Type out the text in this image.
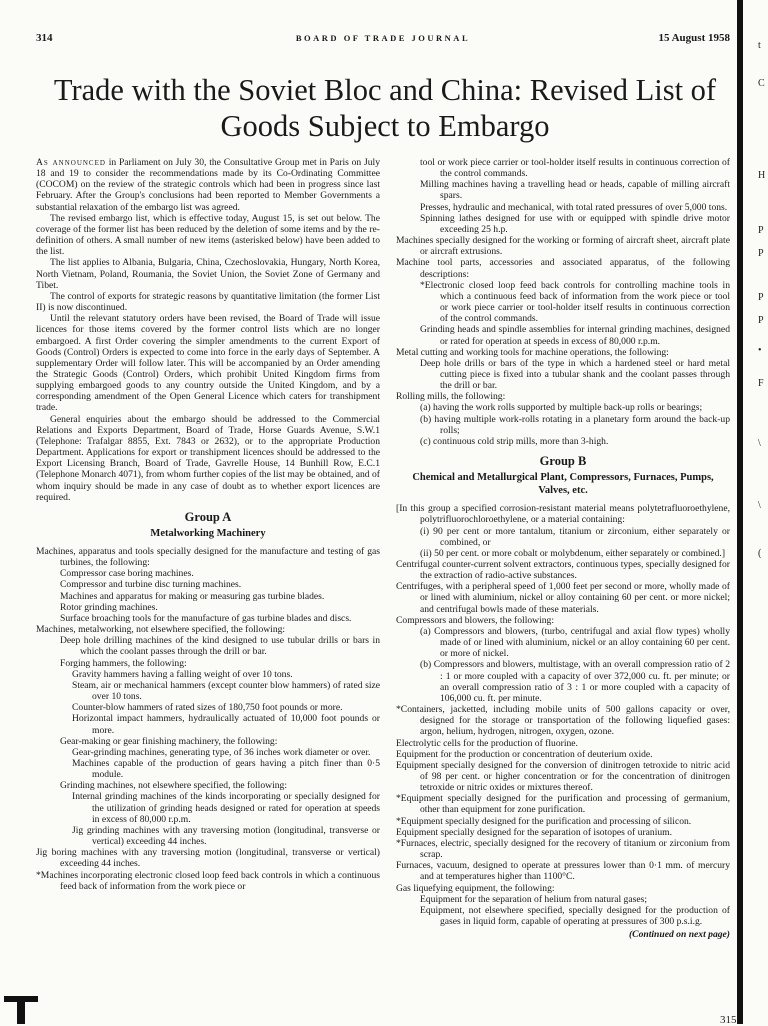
314	BOARD OF TRADE JOURNAL	15 August 1958
Trade with the Soviet Bloc and China: Revised List of Goods Subject to Embargo

As announced in Parliament on July 30, the Consultative Group met in Paris on July 18 and 19 to consider the recommendations made by its Co-Ordinating Committee (COCOM) on the review of the strategic controls which had been in progress since last February. After the Group's conclusions had been reported to Member Governments a substantial relaxation of the embargo list was agreed.

The revised embargo list, which is effective today, August 15, is set out below. The coverage of the former list has been reduced by the deletion of some items and by the re-definition of others. A small number of new items (asterisked below) have been added to the list.

The list applies to Albania, Bulgaria, China, Czechoslovakia, Hungary, North Korea, North Vietnam, Poland, Roumania, the Soviet Union, the Soviet Zone of Germany and Tibet.

The control of exports for strategic reasons by quantitative limitation (the former List II) is now discontinued.

Until the relevant statutory orders have been revised, the Board of Trade will issue licences for those items covered by the former control lists which are no longer embargoed. A first Order covering the simpler amendments to the current Export of Goods (Control) Orders is expected to come into force in the early days of September. A supplementary Order will follow later. This will be accompanied by an Order amending the Strategic Goods (Control) Orders, which prohibit United Kingdom firms from supplying embargoed goods to any country outside the United Kingdom, and by a corresponding amendment of the Open General Licence which caters for transhipment trade.

General enquiries about the embargo should be addressed to the Commercial Relations and Exports Department, Board of Trade, Horse Guards Avenue, S.W.1 (Telephone: Trafalgar 8855, Ext. 7843 or 2632), or to the appropriate Production Department. Applications for export or transhipment licences should be addressed to the Export Licensing Branch, Board of Trade, Gavrelle House, 14 Bunhill Row, E.C.1 (Telephone Monarch 4071), from whom further copies of the list may be obtained, and of whom inquiry should be made in any case of doubt as to whether export licences are required.

Group A
Metalworking Machinery

Machines, apparatus and tools specially designed for the manufacture and testing of gas turbines, the following:

Compressor case boring machines.

Compressor and turbine disc turning machines.

Machines and apparatus for making or measuring gas turbine blades.

Rotor grinding machines.

Surface broaching tools for the manufacture of gas turbine blades and discs.

Machines, metalworking, not elsewhere specified, the following:

Deep hole drilling machines of the kind designed to use tubular drills or bars in which the coolant passes through the drill or bar.

Forging hammers, the following:

Gravity hammers having a falling weight of over 10 tons.

Steam, air or mechanical hammers (except counter blow hammers) of rated size over 10 tons.

Counter-blow hammers of rated sizes of 180,750 foot pounds or more.

Horizontal impact hammers, hydraulically actuated of 10,000 foot pounds or more.

Gear-making or gear finishing machinery, the following:

Gear-grinding machines, generating type, of 36 inches work diameter or over.

Machines capable of the production of gears having a pitch finer than 0·5 module.

Grinding machines, not elsewhere specified, the following:

Internal grinding machines of the kinds incorporating or specially designed for the utilization of grinding heads designed or rated for operation at speeds in excess of 80,000 r.p.m.

Jig grinding machines with any traversing motion (longitudinal, transverse or vertical) exceeding 44 inches.

Jig boring machines with any traversing motion (longitudinal, transverse or vertical) exceeding 44 inches.

*Machines incorporating electronic closed loop feed back controls in which a continuous feed back of information from the work piece or

tool or work piece carrier or tool-holder itself results in continuous correction of the control commands.

Milling machines having a travelling head or heads, capable of milling aircraft spars.

Presses, hydraulic and mechanical, with total rated pressures of over 5,000 tons.

Spinning lathes designed for use with or equipped with spindle drive motor exceeding 25 h.p.

Machines specially designed for the working or forming of aircraft sheet, aircraft plate or aircraft extrusions.

Machine tool parts, accessories and associated apparatus, of the following descriptions:

*Electronic closed loop feed back controls for controlling machine tools in which a continuous feed back of information from the work piece or tool or work piece carrier or tool-holder itself results in continuous correction of the control commands.

Grinding heads and spindle assemblies for internal grinding machines, designed or rated for operation at speeds in excess of 80,000 r.p.m.

Metal cutting and working tools for machine operations, the following:

Deep hole drills or bars of the type in which a hardened steel or hard metal cutting piece is fixed into a tubular shank and the coolant passes through the drill or bar.

Rolling mills, the following:

(a) having the work rolls supported by multiple back-up rolls or bearings;

(b) having multiple work-rolls rotating in a planetary form around the back-up rolls;

(c) continuous cold strip mills, more than 3-high.

Group B
Chemical and Metallurgical Plant, Compressors, Furnaces, Pumps, Valves, etc.

[In this group a specified corrosion-resistant material means polytetrafluoroethylene, polytrifluorochloroethylene, or a material containing:

(i) 90 per cent or more tantalum, titanium or zirconium, either separately or combined, or

(ii) 50 per cent. or more cobalt or molybdenum, either separately or combined.]

Centrifugal counter-current solvent extractors, continuous types, specially designed for the extraction of radio-active substances.

Centrifuges, with a peripheral speed of 1,000 feet per second or more, wholly made of or lined with aluminium, nickel or alloy containing 60 per cent. or more nickel; and centrifugal bowls made of these materials.

Compressors and blowers, the following:

(a) Compressors and blowers, (turbo, centrifugal and axial flow types) wholly made of or lined with aluminium, nickel or an alloy containing 60 per cent. or more of nickel.

(b) Compressors and blowers, multistage, with an overall compression ratio of 2 : 1 or more coupled with a capacity of over 372,000 cu. ft. per minute; or an overall compression ratio of 3 : 1 or more coupled with a capacity of 106,000 cu. ft. per minute.

*Containers, jacketted, including mobile units of 500 gallons capacity or over, designed for the storage or transportation of the following liquefied gases: argon, helium, hydrogen, nitrogen, oxygen, ozone.

Electrolytic cells for the production of fluorine.

Equipment for the production or concentration of deuterium oxide.

Equipment specially designed for the conversion of dinitrogen tetroxide to nitric acid of 98 per cent. or higher concentration or for the concentration of dinitrogen tetroxide or nitric oxides or mixtures thereof.

*Equipment specially designed for the purification and processing of germanium, other than equipment for zone purification.

*Equipment specially designed for the purification and processing of silicon.

Equipment specially designed for the separation of isotopes of uranium.

*Furnaces, electric, specially designed for the recovery of titanium or zirconium from scrap.

Furnaces, vacuum, designed to operate at pressures lower than 0·1 mm. of mercury and at temperatures higher than 1100°C.

Gas liquefying equipment, the following:

Equipment for the separation of helium from natural gases;

Equipment, not elsewhere specified, specially designed for the production of gases in liquid form, capable of operating at pressures of 300 p.s.i.g.

(Continued on next page)

t
C
H
P
P
P
P
•
F
\
\
(
315
